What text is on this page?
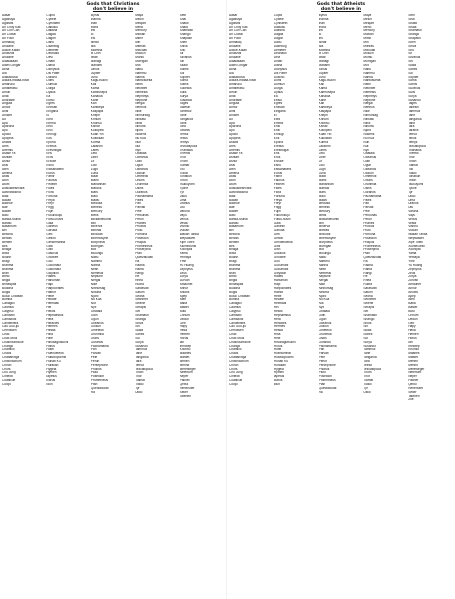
Gods that Christians
don't believe in
Aasar
Agassiya
Agdistis
Ah Chuy Kak
Ah Cun Can
Ah Cuxtal
Ah Puch
Ahmakiq
Ahulane
Aicule-Kalan
Ahuitzotl
Ahulane
Aiaalakaan
Aiwel Longar
Akna
Ala
Alakaloosa
Alaura-mataa-rusib
Amarucu
Amaterasu
Amun
Anat
Andraste
Anguta
Anhor
Aniti
Anuket
Ao
Apa
Aparoha
Apo
Apollo
Apophis
Arawa
Ares
Artemis
Asase Ya
Ashtart
Ashur
Asis
Aten
Athena
Atlas
Aton
Atum
Avalokiteshvara
Awonawilona
Baal
Bacab
Bachue
Bae
Balder
Balu
Banka-Mundi
Baratu
Basamum
Bel
Bellona
Bendis
Benten
Bes
Bhaga
Bixia
Boann
Bragi
Brahma
Brahma
Bran
Breid
Brigid
Brihaspati
Buddha
Bugid
Buluc Chabtan
Bumba
Cabaguil
Cadmus
Calypso
Camaxtli
Camazotz
Candelifera
Cao Guo-jiu
Cerridwen
Chac
Chac Mool
Chalchiuhtlicue
Chango
Chantico
Chaos
Chattaninga
Chibchachum
Chiron
Chors
Chu Jung
Cinteotl
Coatlicue
Cocijo
Cupid
Cybele
Cyhiraeth
Daikoku
Daksha
Dagda
Dagon
Danu
Dazhbog
Demeter
Deohako
Devi
Dhatri
Diana
Dionysus
Dis Pater
Dolicho
Doris
Dumuzi
Durga
Dyaus
Ea
Ebisu
Egres
Ehecatl
Eingana
El
Eled
Emma
Enki
Enlil
Ennugi
Eos
Epona
Erebus
Ereshkigal
Eris
Eros
Erzulie
Eshu
Estsanatlehi
Eurus
Fafnir
Faunus
Fedelm
Fides
Flora
Fortuna
Freya
Freyr
Frigg
Fujin
Fukurokuju
Futsu-nushi
Gaia
Ganesh
Garuda
Geb
Gefion
Gendenwitha
Gibil
Gish
Glaucus
Gnowee
Gou
Gucumatz
Gukumatz
Gwydion
Hades
Hanuman
Hapi
Harpocrates
Hathor
Hebe
Hecate
Heimdall
Hel
Helios
Hephaestus
Hera
Heracles
Hermes
Hestia
Hina
Hine
Hinokagutsuchi
Horus
Hotei
Huehueteotl
Huitzilopochtli
Hunab Ku
Hurakan
Hygeia
Hymen
Iapetus
Icarus
Idun
Illyrus
Inanna
Inari
Indra
Inti
Io
Iris
Ishtar
Isis
Itzamna
Ix Chel
Ixtab
Izanagi
Izanami
Janus
Jupiter
Juno
Kagu-tsuchi
Kali
Kama
Kamrusepa
Kanaloa
Kane
Kari
Kartikeya
Kasyapa
Khepri
Khnum
Khonsu
Kishar
Kokopelli
Kuan Yin
Kukulkan
Kurma
Lakshmi
Lares
Leto
Liber
Lir
Loki
Lugh
Luna
Maat
Mami
Manannan
Marduk
Mars
Maui
Mawu
Medusa
Meness
Mercury
Metis
Mictlantecuhtli
Min
Minerva
Mithras
Mixcoatl
Mnemosyne
Morpheus
Morrigan
Mot
Mulungu
Nabu
Nammu
Nanna
Neith
Nemesis
Neptune
Nergal
Nike
Ninhursag
Ninurta
Njord
Nu Kua
Nut
Nyx
Obatala
Odin
Ogun
Okeanos
Olokun
Ometeotl
Orunmila
Osiris
Ouranos
Pachamama
Pan
Parvati
Pele
Perun
Persephone
Phobos
Pluto
Poseidon
Prometheus
Ptah
Quetzalcoatl
Ra
Maya
Melch
Melqart
Meno
Mercury
Mictlan
Mimir
Min
Mithras
Mixcoatl
Moloch
Montu
Morrigan
Mot
Nabu
Nammu
Nanna
Nantosuelta
Neith
Nekhbet
Nemesis
Nephthys
Neptune
Nergal
Nerthus
Nike
Ninhursag
Ninkasi
Ninlil
Ninurta
Njord
Nodens
Nu Kua
Nun
Nut
Nyx
Obatala
Oceanus
Odin
Ogun
Okeanos
Olokun
Ometeotl
Onuris
Orunmila
Osiris
Ouranos
Pachamama
Pales
Pan
Parvati
Pele
Perkunas
Perun
Phanes
Phobos
Pluto
Pomona
Poseidon
Priapus
Prometheus
Proserpina
Ptah
Quetzalcoatl
Ra
Radha
Rama
Rangi
Re
Rhea
Rudra
Sarasvati
Saturn
Sedna
Sekhmet
Selene
Serapis
Set
Shamash
Shango
Shiva
Sin
Skadi
Sobek
Sol
Surya
Susanoo
Tammuz
Tane
Tangaroa
Tara
Tefnut
Tezcatlipoca
Thoth
Thor
Tiamat
Tlaloc
Tyr
Ukko
Seth
Shai
Shakti
Shala
Shamash
Shango
Shapash
Shen
Shiva
Shu
Sif
Silvanus
Sin
Skadi
Sobek
Sol
Sopdet
Soma
Sothis
Sucellus
Sulis
Surya
Susanoo
Tages
Taliesin
Tammuz
Tane
Tangaroa
Tanit
Tara
Taranis
Tefnut
Tellus
Tethys
Tezcatlipoca
Thanatos
Themis
Thor
Thoth
Tiamat
Tiki
Tlaloc
Tonatiuh
Triton
Tsukuyomi
Tyche
Tyr
Ukko
Uma
Uranus
Utu
Varuna
Vayu
Venus
Vesta
Vishnu
Vulcan
Wakan Tanka
Wepwawet
Xipe Totec
Xiuhtecuhtli
Xochipilli
Yama
Yemaya
Ymir
Yu Huang
Zephyrus
Zeus
Zorya
Zurvan
Amaunet
Anhur
Anubis
Apep
Aten
Baba
Bastet
Buto
Chnum
Dedun
Geb
Hapy
Heka
Hemen
Horus
Iah
Imhotep
Khonsu
Maahes
Mafdet
Mehen
Menhit
Meretseger
Nefertum
Neper
Pakhet
Qebui
Renenutet
Seker
Tatenen
Gods that Atheists
don't believe in
Aasar
Agassiya
Agdistis
Ah Chuy Kak
Ah Cun Can
Ah Cuxtal
Ah Puch
Ahmakiq
Ahulane
Aicule-Kalan
Ahuitzotl
Ahulane
Aiaalakaan
Aiwel Longar
Akna
Ala
Alakaloosa
Alaura-mataa-rusib
Amarucu
Amaterasu
Amun
Anat
Andraste
Anguta
Anhor
Aniti
Anuket
Ao
Apa
Aparoha
Apo
Apollo
Apophis
Arawa
Ares
Artemis
Asase Ya
Ashtart
Ashur
Asis
Aten
Athena
Atlas
Aton
Atum
Avalokiteshvara
Awonawilona
Baal
Bacab
Bachue
Bae
Balder
Balu
Banka-Mundi
Baratu
Basamum
Bel
Bellona
Bendis
Benten
Bes
Bhaga
Bixia
Boann
Bragi
Brahma
Brahma
Bran
Breid
Brigid
Brihaspati
Buddha
Bugid
Buluc Chabtan
Bumba
Cabaguil
Cadmus
Calypso
Camaxtli
Camazotz
Candelifera
Cao Guo-jiu
Cerridwen
Chac
Chac Mool
Chalchiuhtlicue
Chango
Chantico
Chaos
Chattaninga
Chibchachum
Chiron
Chors
Chu Jung
Cinteotl
Coatlicue
Cocijo
Cupid
Cybele
Cyhiraeth
Daikoku
Daksha
Dagda
Dagon
Danu
Dazhbog
Demeter
Deohako
Devi
Dhatri
Diana
Dionysus
Dis Pater
Dolicho
Doris
Dumuzi
Durga
Dyaus
Ea
Ebisu
Egres
Ehecatl
Eingana
El
Eled
Emma
Enki
Enlil
Ennugi
Eos
Epona
Erebus
Ereshkigal
Eris
Eros
Erzulie
Eshu
Estsanatlehi
Eurus
Fafnir
Faunus
Fedelm
Fides
Flora
Fortuna
Freya
Freyr
Frigg
Fujin
Fukurokuju
Futsu-nushi
Gaia
Ganesh
Garuda
Geb
Gefion
Gendenwitha
Gibil
Gish
Glaucus
Gnowee
Gou
Gucumatz
Gukumatz
Gwydion
Hades
Hanuman
Hapi
Harpocrates
Hathor
Hebe
Hecate
Heimdall
Hel
Helios
Hephaestus
Hera
Heracles
Hermes
Hestia
Hina
Hine
Hinokagutsuchi
Horus
Hotei
Huehueteotl
Huitzilopochtli
Hunab Ku
Hurakan
Hygeia
Hymen
Iapetus
Icarus
Idun
Illyrus
Inanna
Inari
Indra
Inti
Io
Iris
Ishtar
Isis
Itzamna
Ix Chel
Ixtab
Izanagi
Izanami
Janus
Jupiter
Juno
Kagu-tsuchi
Kali
Kama
Kamrusepa
Kanaloa
Kane
Kari
Kartikeya
Kasyapa
Khepri
Khnum
Khonsu
Kishar
Kokopelli
Kuan Yin
Kukulkan
Kurma
Lakshmi
Lares
Leto
Liber
Lir
Loki
Lugh
Luna
Maat
Mami
Manannan
Marduk
Mars
Maui
Mawu
Medusa
Meness
Mercury
Metis
Mictlantecuhtli
Min
Minerva
Mithras
Mixcoatl
Mnemosyne
Morpheus
Morrigan
Mot
Mulungu
Nabu
Nammu
Nanna
Neith
Nemesis
Neptune
Nergal
Nike
Ninhursag
Ninurta
Njord
Nu Kua
Nut
Nyx
Obatala
Odin
Ogun
Okeanos
Olokun
Ometeotl
Orunmila
Osiris
Ouranos
Pachamama
Pan
Parvati
Pele
Perun
Persephone
Phobos
Pluto
Poseidon
Prometheus
Ptah
Quetzalcoatl
Ra
Maya
Melch
Melqart
Meno
Mercury
Mictlan
Mimir
Min
Mithras
Mixcoatl
Moloch
Montu
Morrigan
Mot
Nabu
Nammu
Nanna
Nantosuelta
Neith
Nekhbet
Nemesis
Nephthys
Neptune
Nergal
Nerthus
Nike
Ninhursag
Ninkasi
Ninlil
Ninurta
Njord
Nodens
Nu Kua
Nun
Nut
Nyx
Obatala
Oceanus
Odin
Ogun
Okeanos
Olokun
Ometeotl
Onuris
Orunmila
Osiris
Ouranos
Pachamama
Pales
Pan
Parvati
Pele
Perkunas
Perun
Phanes
Phobos
Pluto
Pomona
Poseidon
Priapus
Prometheus
Proserpina
Ptah
Quetzalcoatl
Ra
Radha
Rama
Rangi
Re
Rhea
Rudra
Sarasvati
Saturn
Sedna
Sekhmet
Selene
Serapis
Set
Shamash
Shango
Shiva
Sin
Skadi
Sobek
Sol
Surya
Susanoo
Tammuz
Tane
Tangaroa
Tara
Tefnut
Tezcatlipoca
Thoth
Thor
Tiamat
Tlaloc
Tyr
Ukko
Seth
Shai
Shakti
Shala
Shamash
Shango
Shapash
Shen
Shiva
Shu
Sif
Silvanus
Sin
Skadi
Sobek
Sol
Sopdet
Soma
Sothis
Sucellus
Sulis
Surya
Susanoo
Tages
Taliesin
Tammuz
Tane
Tangaroa
Tanit
Tara
Taranis
Tefnut
Tellus
Tethys
Tezcatlipoca
Thanatos
Themis
Thor
Thoth
Tiamat
Tiki
Tlaloc
Tonatiuh
Triton
Tsukuyomi
Tyche
Tyr
Ukko
Uma
Uranus
Utu
Varuna
Vayu
Venus
Vesta
Vishnu
Vulcan
Wakan Tanka
Wepwawet
Xipe Totec
Xiuhtecuhtli
Xochipilli
Yama
Yemaya
Ymir
Yu Huang
Zephyrus
Zeus
Zorya
Zurvan
Amaunet
Anhur
Anubis
Apep
Aten
Baba
Bastet
Buto
Chnum
Dedun
Geb
Hapy
Heka
Hemen
Horus
Iah
Imhotep
Khonsu
Maahes
Mafdet
Mehen
Menhit
Meretseger
Nefertum
Neper
Pakhet
Qebui
Renenutet
Seker
Tatenen
Zoe
